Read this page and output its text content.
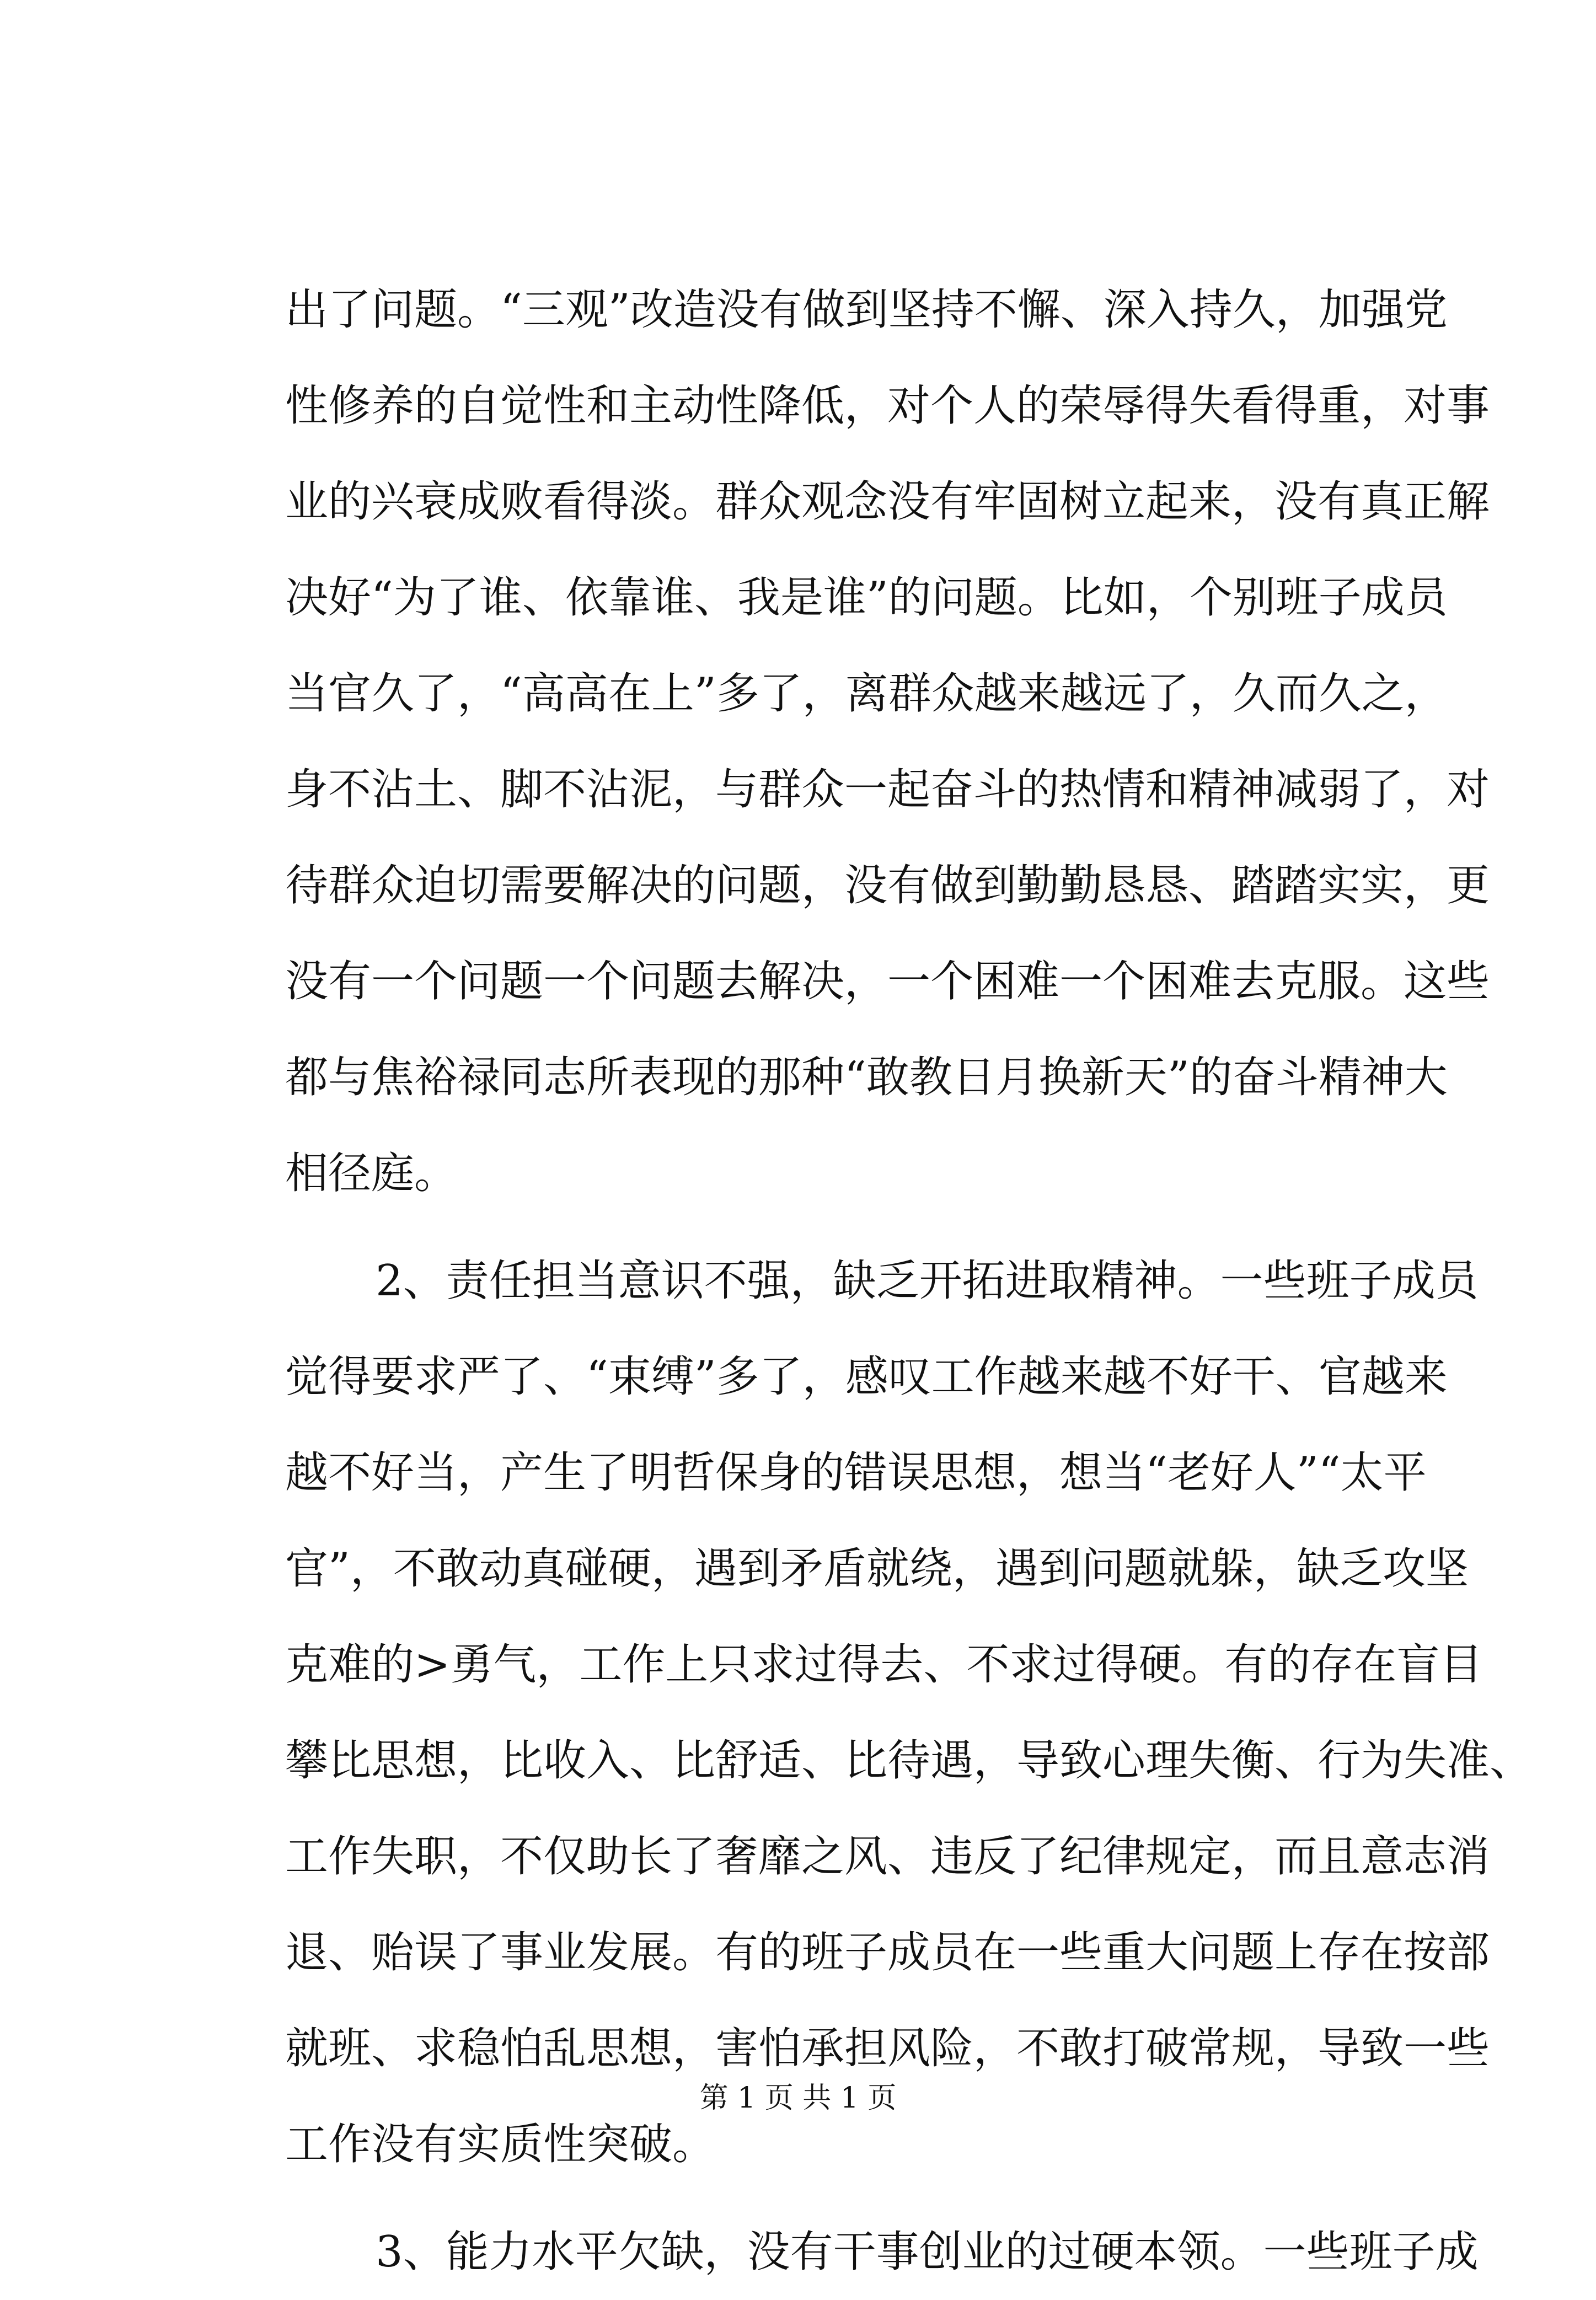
出了问题。“三观”改造没有做到坚持不懈、深入持久，加强党
性修养的自觉性和主动性降低，对个人的荣辱得失看得重，对事
业的兴衰成败看得淡。群众观念没有牢固树立起来，没有真正解
决好“为了谁、依靠谁、我是谁”的问题。比如，个别班子成员
当官久了，“高高在上”多了，离群众越来越远了，久而久之，
身不沾土、脚不沾泥，与群众一起奋斗的热情和精神减弱了，对
待群众迫切需要解决的问题，没有做到勤勤恳恳、踏踏实实，更
没有一个问题一个问题去解决，一个困难一个困难去克服。这些
都与焦裕禄同志所表现的那种“敢教日月换新天”的奋斗精神大
相径庭。
2、责任担当意识不强，缺乏开拓进取精神。一些班子成员
觉得要求严了、“束缚”多了，感叹工作越来越不好干、官越来
越不好当，产生了明哲保身的错误思想，想当“老好人”“太平
官”，不敢动真碰硬，遇到矛盾就绕，遇到问题就躲，缺乏攻坚
克难的>勇气，工作上只求过得去、不求过得硬。有的存在盲目
攀比思想，比收入、比舒适、比待遇，导致心理失衡、行为失准、
工作失职，不仅助长了奢靡之风、违反了纪律规定，而且意志消
退、贻误了事业发展。有的班子成员在一些重大问题上存在按部
就班、求稳怕乱思想，害怕承担风险，不敢打破常规，导致一些
工作没有实质性突破。
3、能力水平欠缺，没有干事创业的过硬本领。一些班子成
第 1 页 共 1 页
